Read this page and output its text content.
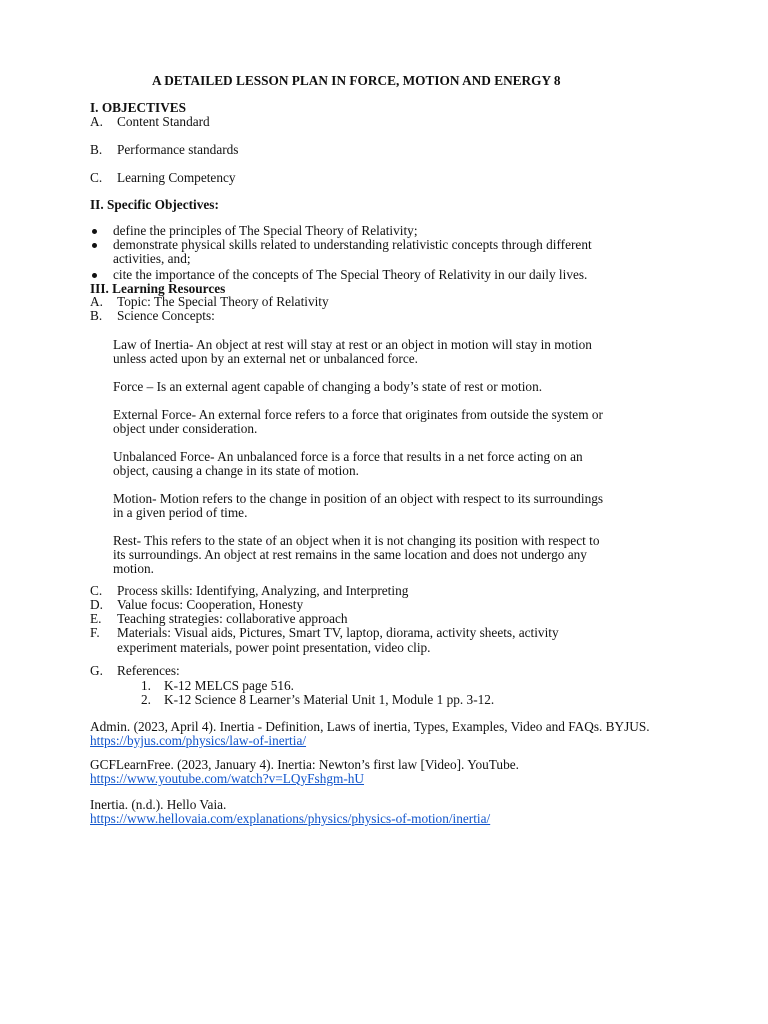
A DETAILED LESSON PLAN IN FORCE, MOTION AND ENERGY 8
I. OBJECTIVES
A. Content Standard
B. Performance standards
C. Learning Competency
II. Specific Objectives:
define the principles of The Special Theory of Relativity;
demonstrate physical skills related to understanding relativistic concepts through different
activities, and;
cite the importance of the concepts of The Special Theory of Relativity in our daily lives.
III. Learning Resources
A. Topic: The Special Theory of Relativity
B. Science Concepts:
Law of Inertia- An object at rest will stay at rest or an object in motion will stay in motion
unless acted upon by an external net or unbalanced force.
Force – Is an external agent capable of changing a body’s state of rest or motion.
External Force- An external force refers to a force that originates from outside the system or
object under consideration.
Unbalanced Force- An unbalanced force is a force that results in a net force acting on an
object, causing a change in its state of motion.
Motion- Motion refers to the change in position of an object with respect to its surroundings
in a given period of time.
Rest- This refers to the state of an object when it is not changing its position with respect to
its surroundings. An object at rest remains in the same location and does not undergo any
motion.
C. Process skills: Identifying, Analyzing, and Interpreting
D. Value focus: Cooperation, Honesty
E. Teaching strategies: collaborative approach
F. Materials: Visual aids, Pictures, Smart TV, laptop, diorama, activity sheets, activity
experiment materials, power point presentation, video clip.
G. References:
1. K-12 MELCS page 516.
2. K-12 Science 8 Learner’s Material Unit 1, Module 1 pp. 3-12.
Admin. (2023, April 4). Inertia - Definition, Laws of inertia, Types, Examples, Video and FAQs. BYJUS.
https://byjus.com/physics/law-of-inertia/
GCFLearnFree. (2023, January 4). Inertia: Newton’s first law [Video]. YouTube.
https://www.youtube.com/watch?v=LQyFshgm-hU
Inertia. (n.d.). Hello Vaia.
https://www.hellovaia.com/explanations/physics/physics-of-motion/inertia/
